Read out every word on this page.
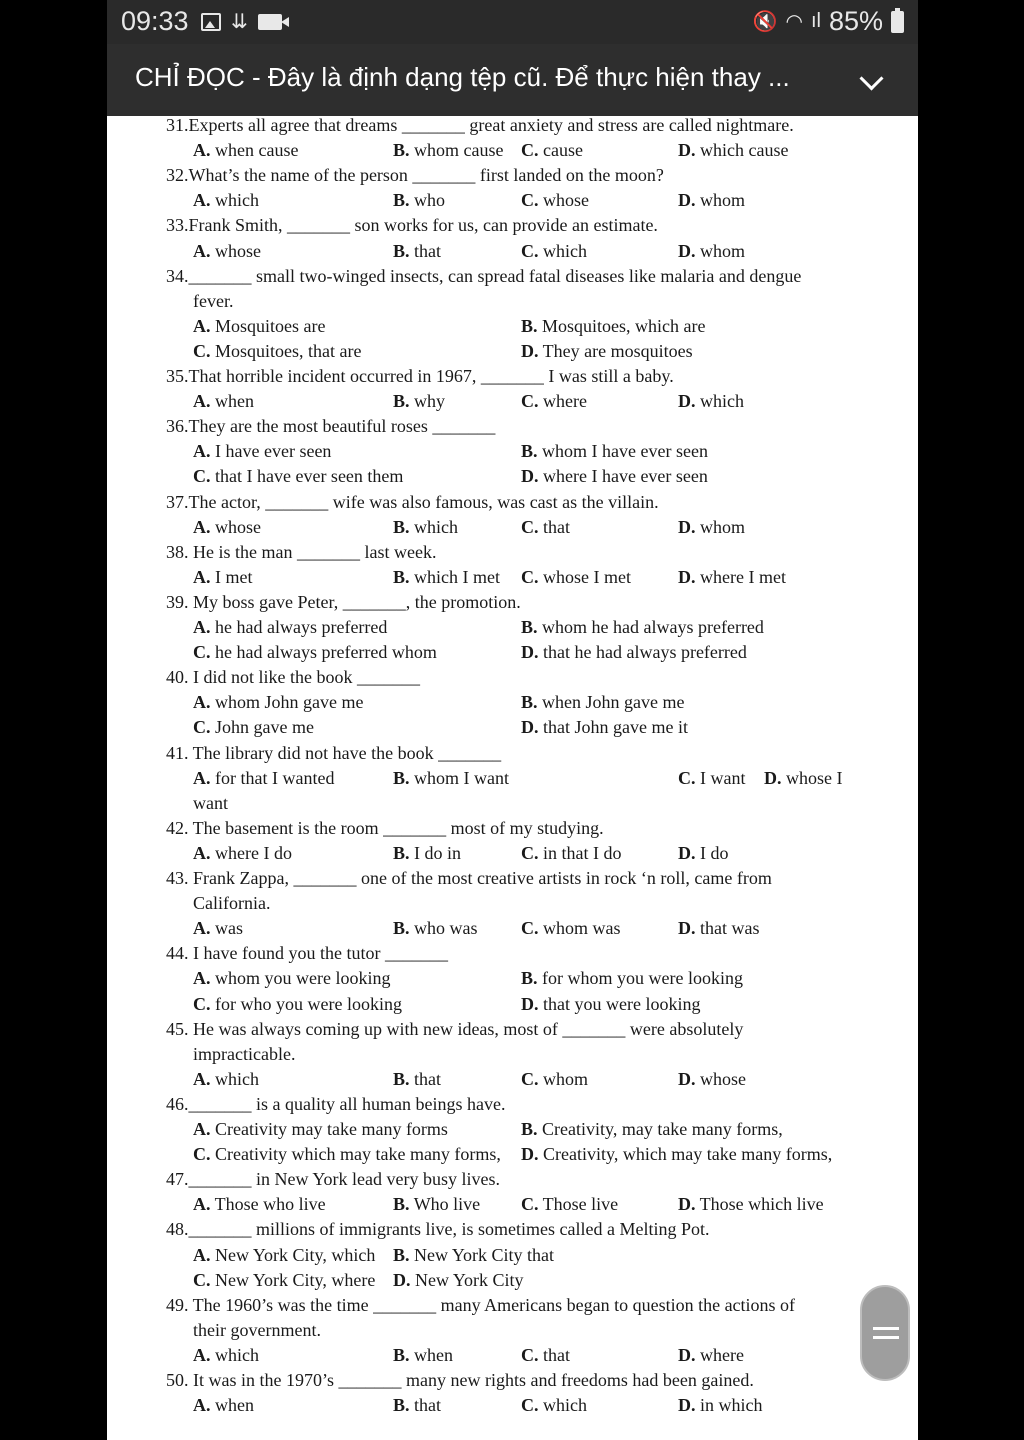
09:33 ⇊	🔇 ◠ ıl 85%
CHỈ ĐỌC - Đây là định dạng tệp cũ. Để thực hiện thay ...
31.Experts all agree that dreams _______ great anxiety and stress are called nightmare.
A. when cause	B. whom cause C. cause	D. which cause
32.What’s the name of the person _______ first landed on the moon?
A. which	B. who	C. whose	D. whom
33.Frank Smith, _______ son works for us, can provide an estimate.
A. whose	B. that	C. which	D. whom
34._______ small two-winged insects, can spread fatal diseases like malaria and dengue
fever.
A. Mosquitoes are	B. Mosquitoes, which are
C. Mosquitoes, that are	D. They are mosquitoes
35.That horrible incident occurred in 1967, _______ I was still a baby.
A. when	B. why	C. where	D. which
36.They are the most beautiful roses _______
A. I have ever seen	B. whom I have ever seen
C. that I have ever seen them	D. where I have ever seen
37.The actor, _______ wife was also famous, was cast as the villain.
A. whose	B. which	C. that	D. whom
38. He is the man _______ last week.
A. I met	B. which I met C. whose I met	D. where I met
39. My boss gave Peter, _______, the promotion.
A. he had always preferred	B. whom he had always preferred
C. he had always preferred whom	D. that he had always preferred
40. I did not like the book _______
A. whom John gave me	B. when John gave me
C. John gave me	D. that John gave me it
41. The library did not have the book _______
A. for that I wanted	B. whom I want	C. I want D. whose I
want
42. The basement is the room _______ most of my studying.
A. where I do	B. I do in	C. in that I do	D. I do
43. Frank Zappa, _______ one of the most creative artists in rock ‘n roll, came from
California.
A. was	B. who was C. whom was	D. that was
44. I have found you the tutor _______
A. whom you were looking	B. for whom you were looking
C. for who you were looking	D. that you were looking
45. He was always coming up with new ideas, most of _______ were absolutely
impracticable.
A. which	B. that	C. whom	D. whose
46._______ is a quality all human beings have.
A. Creativity may take many forms	B. Creativity, may take many forms,
C. Creativity which may take many forms, D. Creativity, which may take many forms,
47._______ in New York lead very busy lives.
A. Those who live	B. Who live C. Those live	D. Those which live
48._______ millions of immigrants live, is sometimes called a Melting Pot.
A. New York City, which B. New York City that
C. New York City, where D. New York City
49. The 1960’s was the time _______ many Americans began to question the actions of
their government.
A. which	B. when	C. that	D. where
50. It was in the 1970’s _______ many new rights and freedoms had been gained.
A. when	B. that	C. which	D. in which
